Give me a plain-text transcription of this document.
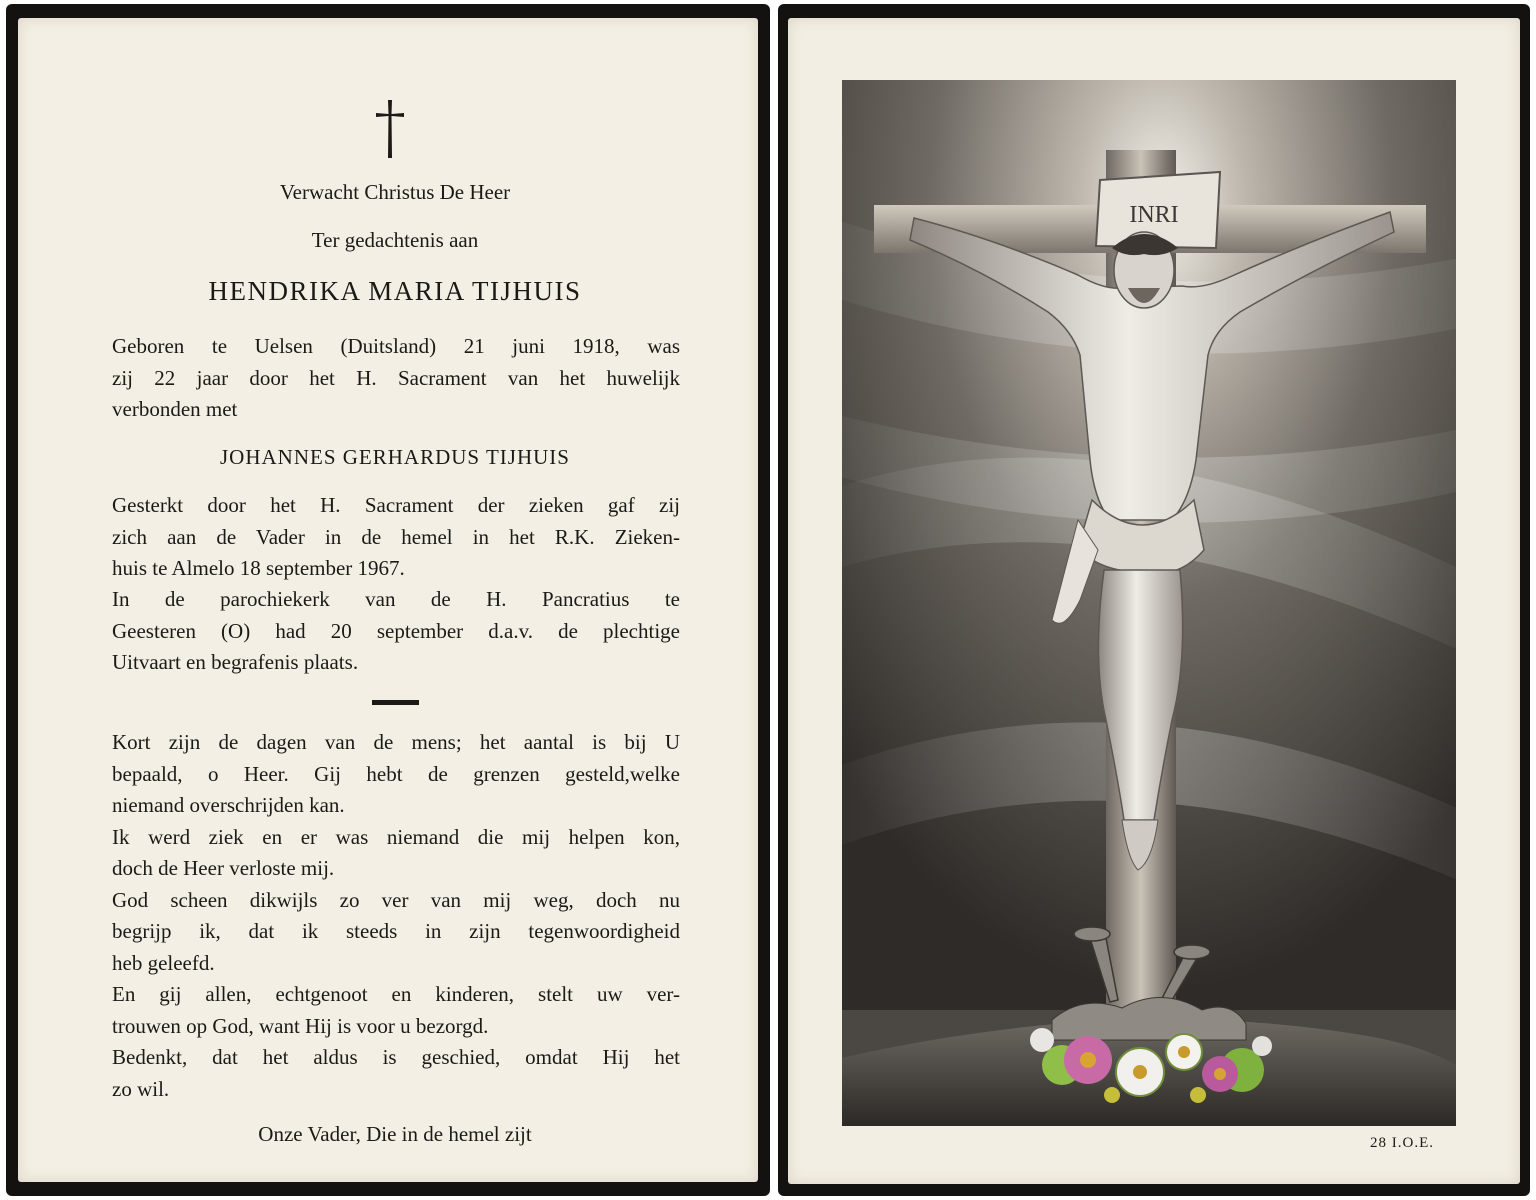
Verwacht Christus De Heer
Ter gedachtenis aan
HENDRIKA MARIA TIJHUIS
Geboren te Uelsen (Duitsland) 21 juni 1918, was
zij 22 jaar door het H. Sacrament van het huwelijk
verbonden met
JOHANNES GERHARDUS TIJHUIS
Gesterkt door het H. Sacrament der zieken gaf zij
zich aan de Vader in de hemel in het R.K. Zieken-
huis te Almelo 18 september 1967.
In de parochiekerk van de H. Pancratius te
Geesteren (O) had 20 september d.a.v. de plechtige
Uitvaart en begrafenis plaats.
Kort zijn de dagen van de mens; het aantal is bij U
bepaald, o Heer. Gij hebt de grenzen gesteld,welke
niemand overschrijden kan.
Ik werd ziek en er was niemand die mij helpen kon,
doch de Heer verloste mij.
God scheen dikwijls zo ver van mij weg, doch nu
begrijp ik, dat ik steeds in zijn tegenwoordigheid
heb geleefd.
En gij allen, echtgenoot en kinderen, stelt uw ver-
trouwen op God, want Hij is voor u bezorgd.
Bedenkt, dat het aldus is geschied, omdat Hij het
zo wil.
Onze Vader, Die in de hemel zijt
INRI
28 I.O.E.
